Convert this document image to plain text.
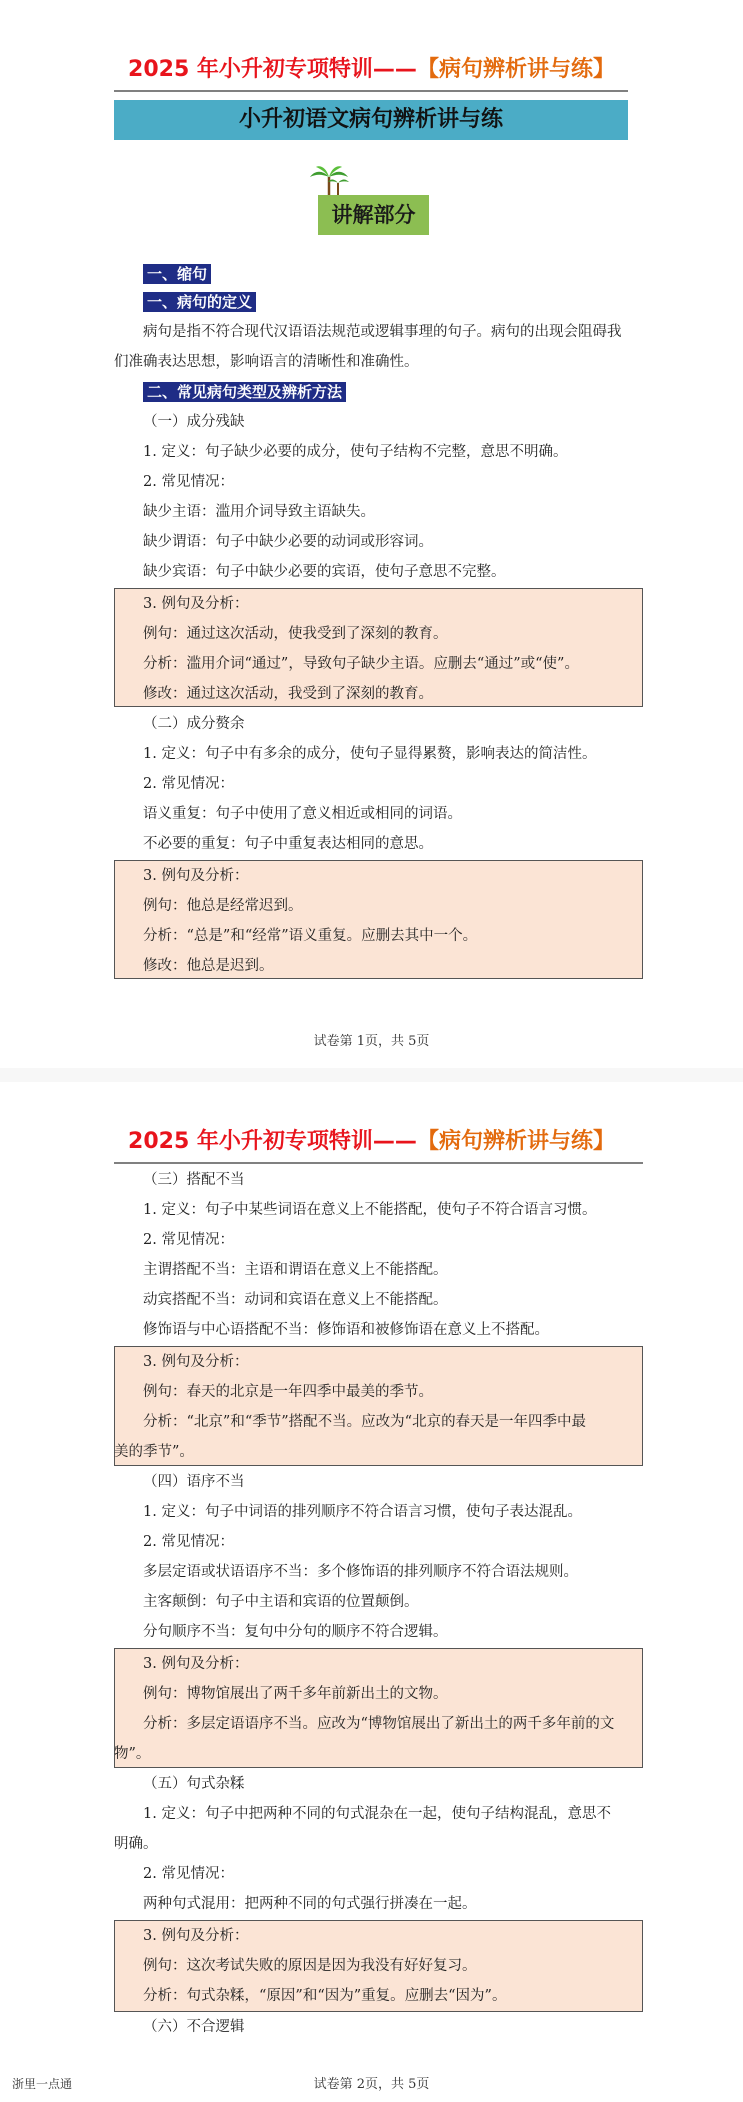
2025 年小升初专项特训——【病句辨析讲与练】
小升初语文病句辨析讲与练
讲解部分
一、缩句
一、病句的定义
病句是指不符合现代汉语语法规范或逻辑事理的句子。病句的出现会阻碍我
们准确表达思想，影响语言的清晰性和准确性。
二、常见病句类型及辨析方法
（一）成分残缺
1. 定义：句子缺少必要的成分，使句子结构不完整，意思不明确。
2. 常见情况：
缺少主语：滥用介词导致主语缺失。
缺少谓语：句子中缺少必要的动词或形容词。
缺少宾语：句子中缺少必要的宾语，使句子意思不完整。
3. 例句及分析：
例句：通过这次活动，使我受到了深刻的教育。
分析：滥用介词“通过”，导致句子缺少主语。应删去“通过”或“使”。
修改：通过这次活动，我受到了深刻的教育。
（二）成分赘余
1. 定义：句子中有多余的成分，使句子显得累赘，影响表达的简洁性。
2. 常见情况：
语义重复：句子中使用了意义相近或相同的词语。
不必要的重复：句子中重复表达相同的意思。
3. 例句及分析：
例句：他总是经常迟到。
分析：“总是”和“经常”语义重复。应删去其中一个。
修改：他总是迟到。
试卷第 1页，共 5页
2025 年小升初专项特训——【病句辨析讲与练】
（三）搭配不当
1. 定义：句子中某些词语在意义上不能搭配，使句子不符合语言习惯。
2. 常见情况：
主谓搭配不当：主语和谓语在意义上不能搭配。
动宾搭配不当：动词和宾语在意义上不能搭配。
修饰语与中心语搭配不当：修饰语和被修饰语在意义上不搭配。
3. 例句及分析：
例句：春天的北京是一年四季中最美的季节。
分析：“北京”和“季节”搭配不当。应改为“北京的春天是一年四季中最
美的季节”。
（四）语序不当
1. 定义：句子中词语的排列顺序不符合语言习惯，使句子表达混乱。
2. 常见情况：
多层定语或状语语序不当：多个修饰语的排列顺序不符合语法规则。
主客颠倒：句子中主语和宾语的位置颠倒。
分句顺序不当：复句中分句的顺序不符合逻辑。
3. 例句及分析：
例句：博物馆展出了两千多年前新出土的文物。
分析：多层定语语序不当。应改为“博物馆展出了新出土的两千多年前的文
物”。
（五）句式杂糅
1. 定义：句子中把两种不同的句式混杂在一起，使句子结构混乱，意思不
明确。
2. 常见情况：
两种句式混用：把两种不同的句式强行拼凑在一起。
3. 例句及分析：
例句：这次考试失败的原因是因为我没有好好复习。
分析：句式杂糅，“原因”和“因为”重复。应删去“因为”。
（六）不合逻辑
浙里一点通	试卷第 2页，共 5页
